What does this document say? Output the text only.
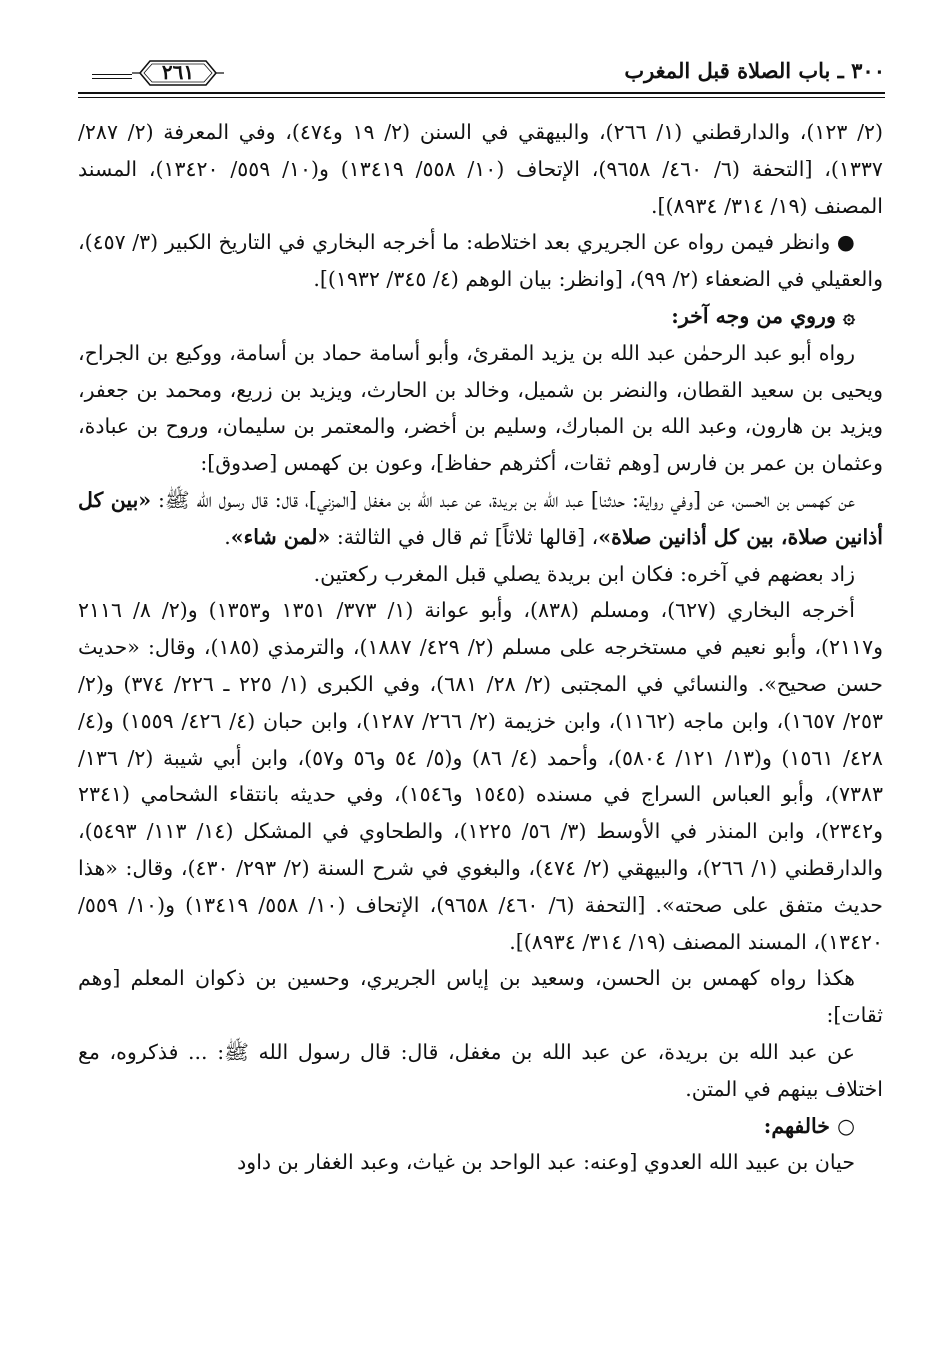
٣٠٠ ـ باب الصلاة قبل المغرب
٢٦١

(٢/ ١٢٣)، والدارقطني (١/ ٢٦٦)، والبيهقي في السنن (٢/ ١٩ و٤٧٤)، وفي المعرفة (٢/ ٢٨٧/ ١٣٣٧)، [التحفة (٦/ ٤٦٠/ ٩٦٥٨)، الإتحاف (١٠/ ٥٥٨/ ١٣٤١٩) و(١٠/ ٥٥٩/ ١٣٤٢٠)، المسند المصنف (١٩/ ٣١٤/ ٨٩٣٤)].

● وانظر فيمن رواه عن الجريري بعد اختلاطه: ما أخرجه البخاري في التاريخ الكبير (٣/ ٤٥٧)، والعقيلي في الضعفاء (٢/ ٩٩)، [وانظر: بيان الوهم (٤/ ٣٤٥/ ١٩٣٢)].

۞ وروي من وجه آخر:

رواه أبو عبد الرحمٰن عبد الله بن يزيد المقرئ، وأبو أسامة حماد بن أسامة، ووكيع بن الجراح، ويحيى بن سعيد القطان، والنضر بن شميل، وخالد بن الحارث، ويزيد بن زريع، ومحمد بن جعفر، ويزيد بن هارون، وعبد الله بن المبارك، وسليم بن أخضر، والمعتمر بن سليمان، وروح بن عبادة، وعثمان بن عمر بن فارس [وهم ثقات، أكثرهم حفاظ]، وعون بن كهمس [صدوق]:

عن كهمس بن الحسن، عن [وفي رواية: حدثنا] عبد الله بن بريدة، عن عبد الله بن مغفل [المزني]، قال: قال رسول الله ﷺ: «بين كل أذانين صلاة، بين كل أذانين صلاة»، [قالها ثلاثاً] ثم قال في الثالثة: «لمن شاء».

زاد بعضهم في آخره: فكان ابن بريدة يصلي قبل المغرب ركعتين.

أخرجه البخاري (٦٢٧)، ومسلم (٨٣٨)، وأبو عوانة (١/ ٣٧٣/ ١٣٥١ و١٣٥٣) و(٢/ ٨/ ٢١١٦ و٢١١٧)، وأبو نعيم في مستخرجه على مسلم (٢/ ٤٢٩/ ١٨٨٧)، والترمذي (١٨٥)، وقال: «حديث حسن صحيح». والنسائي في المجتبى (٢/ ٢٨/ ٦٨١)، وفي الكبرى (١/ ٢٢٥ ـ ٢٢٦/ ٣٧٤) و(٢/ ٢٥٣/ ١٦٥٧)، وابن ماجه (١١٦٢)، وابن خزيمة (٢/ ٢٦٦/ ١٢٨٧)، وابن حبان (٤/ ٤٢٦/ ١٥٥٩) و(٤/ ٤٢٨/ ١٥٦١) و(١٣/ ١٢١/ ٥٨٠٤)، وأحمد (٤/ ٨٦) و(٥/ ٥٤ و٥٦ و٥٧)، وابن أبي شيبة (٢/ ١٣٦/ ٧٣٨٣)، وأبو العباس السراج في مسنده (١٥٤٥ و١٥٤٦)، وفي حديثه بانتقاء الشحامي (٢٣٤١ و٢٣٤٢)، وابن المنذر في الأوسط (٣/ ٥٦/ ١٢٢٥)، والطحاوي في المشكل (١٤/ ١١٣/ ٥٤٩٣)، والدارقطني (١/ ٢٦٦)، والبيهقي (٢/ ٤٧٤)، والبغوي في شرح السنة (٢/ ٢٩٣/ ٤٣٠)، وقال: «هذا حديث متفق على صحته». [التحفة (٦/ ٤٦٠/ ٩٦٥٨)، الإتحاف (١٠/ ٥٥٨/ ١٣٤١٩) و(١٠/ ٥٥٩/ ١٣٤٢٠)، المسند المصنف (١٩/ ٣١٤/ ٨٩٣٤)].

هكذا رواه كهمس بن الحسن، وسعيد بن إياس الجريري، وحسين بن ذكوان المعلم [وهم ثقات]:

عن عبد الله بن بريدة، عن عبد الله بن مغفل، قال: قال رسول الله ﷺ: ... فذكروه، مع اختلاف بينهم في المتن.

○ خالفهم:

حيان بن عبيد الله العدوي [وعنه: عبد الواحد بن غياث، وعبد الغفار بن داود
